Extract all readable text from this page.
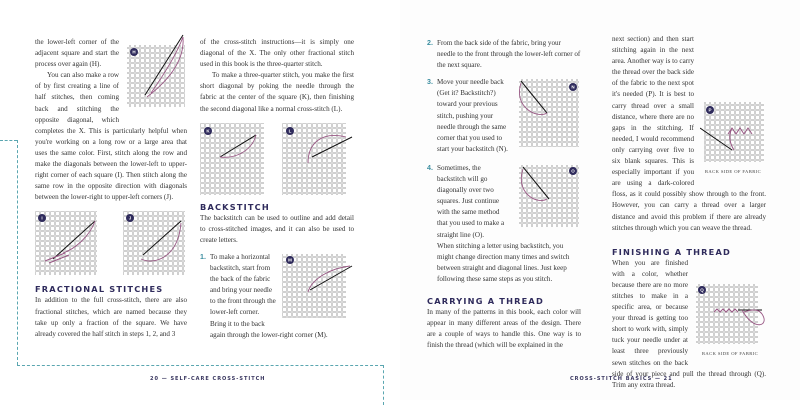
H

the lower-left corner of the adjacent square and start the process over again (H).

You can also make a row of by first creating a line of half stitches, then coming back and stitching the opposite diagonal, which completes the X. This is particularly helpful when you're working on a long row or a large area that uses the same color. First, stitch along the row and make the diagonals between the lower-left to upper-right corner of each square (I). Then stitch along the same row in the opposite direction with diagonals between the lower-right to upper-left corners (J).

I	J
FRACTIONAL STITCHES

In addition to the full cross-stitch, there are also fractional stitches, which are named because they take up only a fraction of the square. We have already covered the half stitch in steps 1, 2, and 3

of the cross-stitch instructions—it is simply one diagonal of the X. The only other fractional stitch used in this book is the three-quarter stitch.

To make a three-quarter stitch, you make the first short diagonal by poking the needle through the fabric at the center of the square (K), then finishing the second diagonal like a normal cross-stitch (L).

K	L
BACKSTITCH

The backstitch can be used to outline and add detail to cross-stitched images, and it can also be used to create letters.

1.	M
To make a horizontal backstitch, start from the back of the fabric and bring your needle to the front through the lower-left corner. Bring it to the back again through the lower-right corner (M).
20 — SELF-CARE CROSS-STITCH
2. From the back side of the fabric, bring your needle to the front through the lower-left corner of the next square.
3.
N
Move your needle back (Get it? Backstitch?) toward your previous stitch, pushing your needle through the same corner that you used to start your backstitch (N).
4.	O
Sometimes, the backstitch will go diagonally over two squares. Just continue with the same method that you used to make a straight line (O).

When stitching a letter using backstitch, you might change direction many times and switch between straight and diagonal lines. Just keep following these same steps as you stitch.

CARRYING A THREAD

In many of the patterns in this book, each color will appear in many different areas of the design. There are a couple of ways to handle this. One way is to finish the thread (which will be explained in the

P
BACK SIDE OF FABRIC

next section) and then start stitching again in the next area. Another way is to carry the thread over the back side of the fabric to the next spot it's needed (P). It is best to carry thread over a small distance, where there are no gaps in the stitching. If needed, I would recommend only carrying over five to six blank squares. This is especially important if you are using a dark-colored floss, as it could possibly show through to the front. However, you can carry a thread over a larger distance and avoid this problem if there are already stitches through which you can weave the thread.

FINISHING A THREAD
Q
BACK SIDE OF FABRIC

When you are finished with a color, whether because there are no more stitches to make in a specific area, or because your thread is getting too short to work with, simply tuck your needle under at least three previously sewn stitches on the back side of your piece and pull the thread through (Q). Trim any extra thread.

CROSS-STITCH BASICS — 21
